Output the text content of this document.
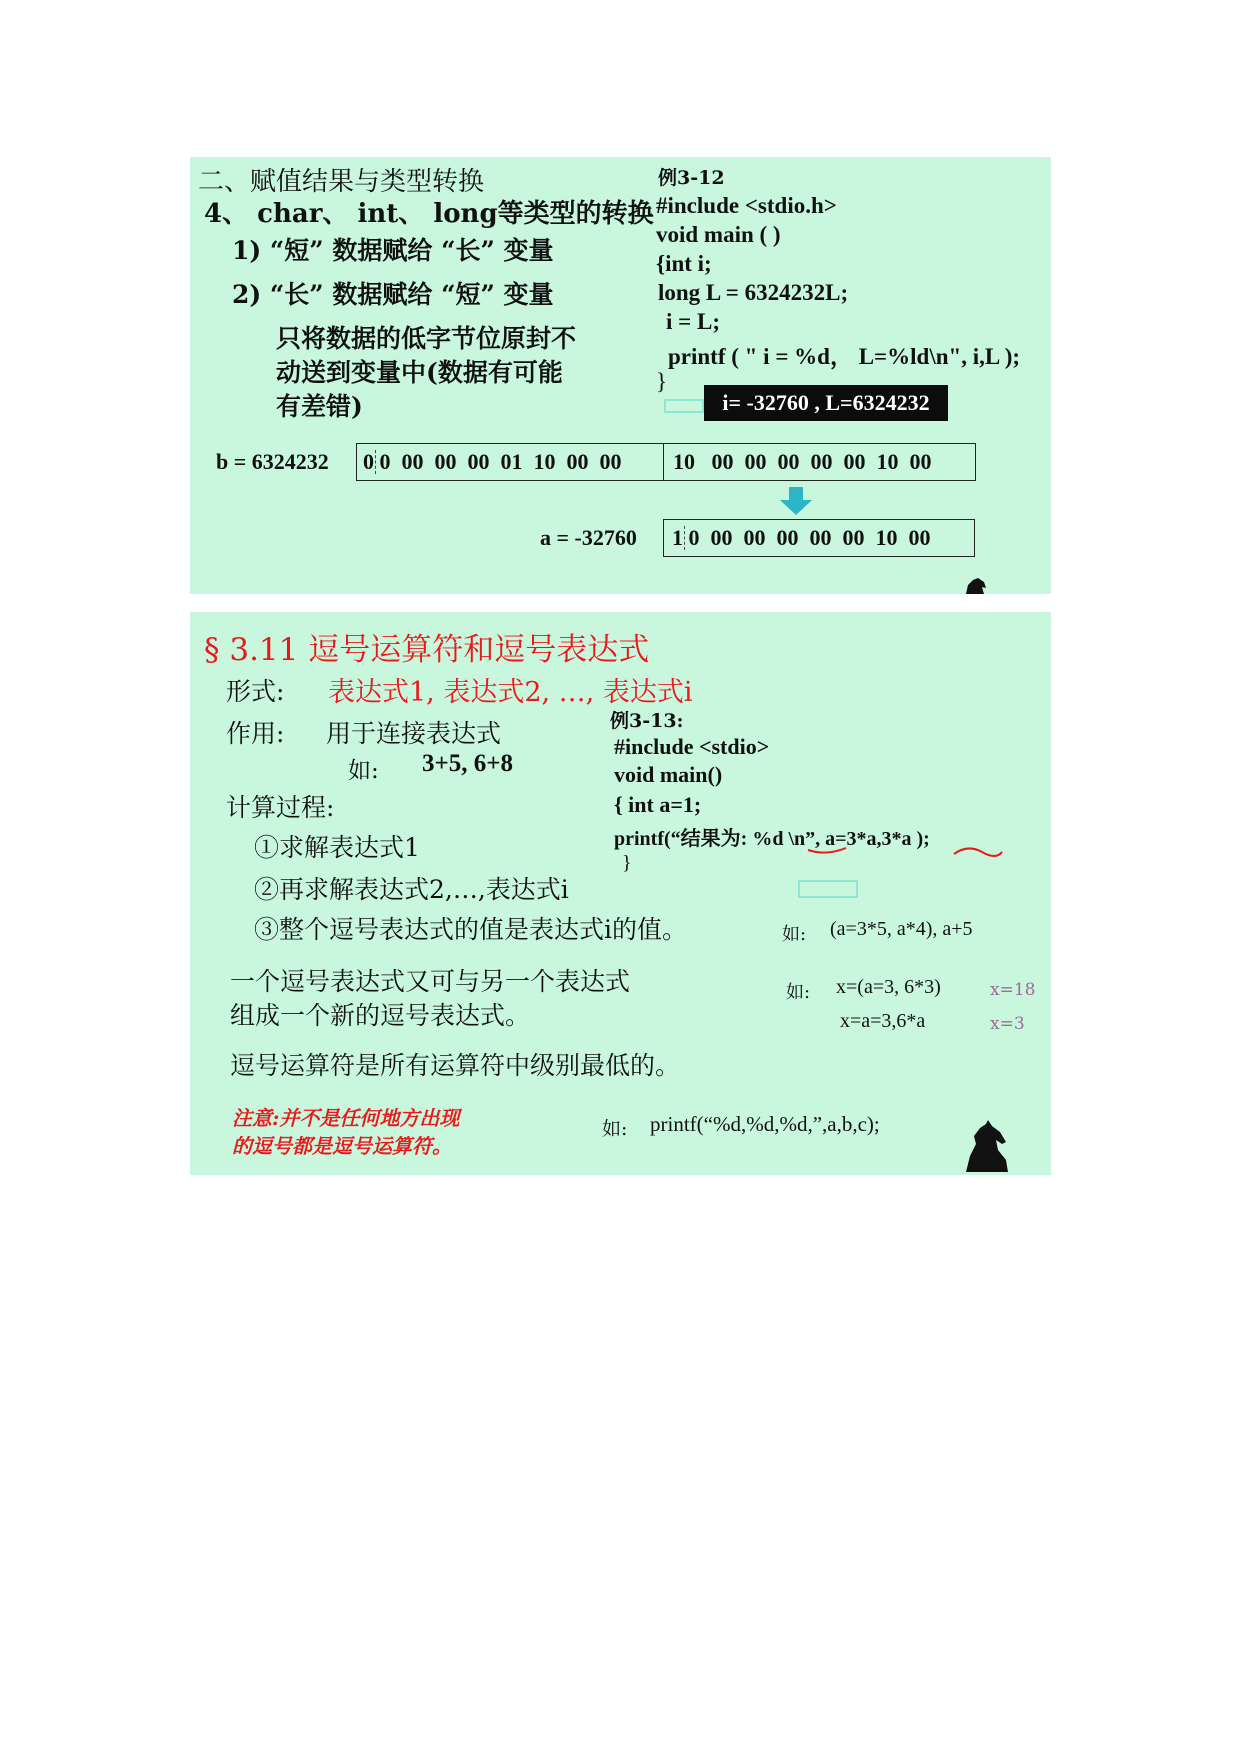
二、赋值结果与类型转换
4、 char、 int、 long等类型的转换
1) “短” 数据赋给 “长” 变量
2) “长” 数据赋给 “短” 变量
只将数据的低字节位原封不
动送到变量中(数据有可能
有差错)
例3-12
#include <stdio.h>
void main ( )
{int i;
long L = 6324232L;
i = L;
printf ( " i = %d， L=%ld\n", i,L );
}
i= -32760 , L=6324232
b = 6324232 0 0  00  00  00  01  10  00  00 10   00  00  00  00  00  10  00
a = -32760 1 0  00  00  00  00  00  10  00
§ 3.11 逗号运算符和逗号表达式
形式: 表达式1, 表达式2, …, 表达式i
作用: 用于连接表达式
如: 3+5, 6+8
计算过程:
①求解表达式1
②再求解表达式2,…,表达式i
③整个逗号表达式的值是表达式i的值。
例3-13:
#include <stdio>
void main()
{ int a=1;
printf(“结果为: %d \n”, a=3*a,3*a );
}
如: (a=3*5, a*4), a+5
一个逗号表达式又可与另一个表达式
组成一个新的逗号表达式。
如: x=(a=3, 6*3)	x=18
x=a=3,6*a	x=3
逗号运算符是所有运算符中级别最低的。
注意:并不是任何地方出现
的逗号都是逗号运算符。
如: printf(“%d,%d,%d,”,a,b,c);
